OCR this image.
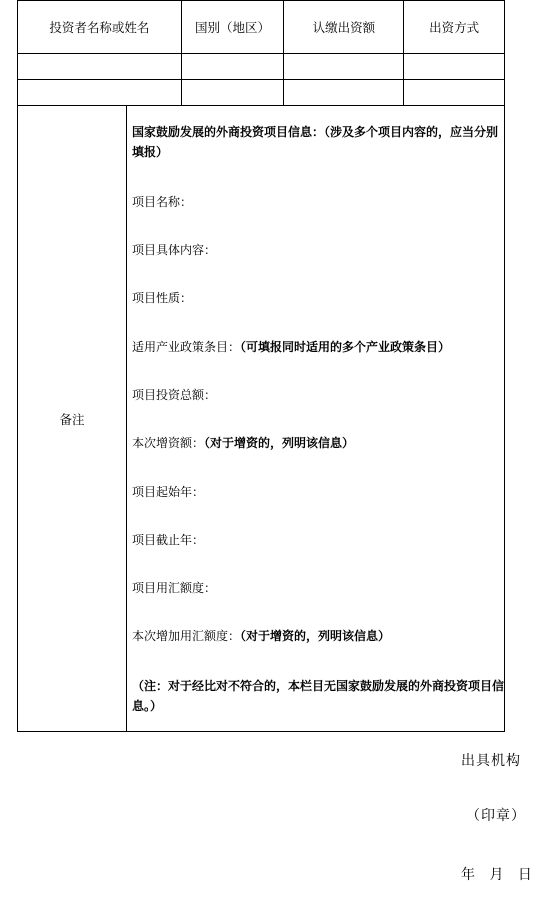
投资者名称或姓名	国别（地区）	认缴出资额	出资方式

备注
国家鼓励发展的外商投资项目信息：（涉及多个项目内容的，应当分别填报）
项目名称：
项目具体内容：
项目性质：
适用产业政策条目：（可填报同时适用的多个产业政策条目）
项目投资总额：
本次增资额：（对于增资的，列明该信息）
项目起始年：
项目截止年：
项目用汇额度：
本次增加用汇额度：（对于增资的，列明该信息）
（注：对于经比对不符合的，本栏目无国家鼓励发展的外商投资项目信息。）
出具机构
（印章）
年 月 日
